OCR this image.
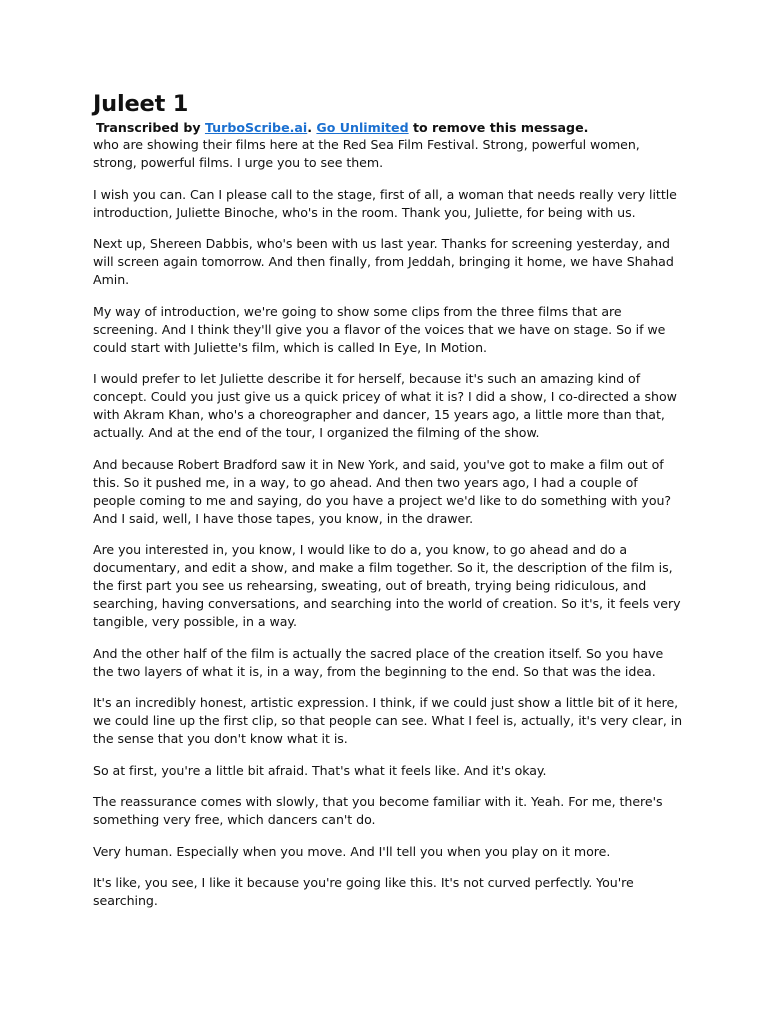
Juleet 1
Transcribed by TurboScribe.ai. Go Unlimited to remove this message.

who are showing their films here at the Red Sea Film Festival. Strong, powerful women, strong, powerful films. I urge you to see them.

I wish you can. Can I please call to the stage, first of all, a woman that needs really very little introduction, Juliette Binoche, who's in the room. Thank you, Juliette, for being with us.

Next up, Shereen Dabbis, who's been with us last year. Thanks for screening yesterday, and will screen again tomorrow. And then finally, from Jeddah, bringing it home, we have Shahad Amin.

My way of introduction, we're going to show some clips from the three films that are screening. And I think they'll give you a flavor of the voices that we have on stage. So if we could start with Juliette's film, which is called In Eye, In Motion.

I would prefer to let Juliette describe it for herself, because it's such an amazing kind of concept. Could you just give us a quick pricey of what it is? I did a show, I co-directed a show with Akram Khan, who's a choreographer and dancer, 15 years ago, a little more than that, actually. And at the end of the tour, I organized the filming of the show.

And because Robert Bradford saw it in New York, and said, you've got to make a film out of this. So it pushed me, in a way, to go ahead. And then two years ago, I had a couple of people coming to me and saying, do you have a project we'd like to do something with you? And I said, well, I have those tapes, you know, in the drawer.

Are you interested in, you know, I would like to do a, you know, to go ahead and do a documentary, and edit a show, and make a film together. So it, the description of the film is, the first part you see us rehearsing, sweating, out of breath, trying being ridiculous, and searching, having conversations, and searching into the world of creation. So it's, it feels very tangible, very possible, in a way.

And the other half of the film is actually the sacred place of the creation itself. So you have the two layers of what it is, in a way, from the beginning to the end. So that was the idea.

It's an incredibly honest, artistic expression. I think, if we could just show a little bit of it here, we could line up the first clip, so that people can see. What I feel is, actually, it's very clear, in the sense that you don't know what it is.

So at first, you're a little bit afraid. That's what it feels like. And it's okay.

The reassurance comes with slowly, that you become familiar with it. Yeah. For me, there's something very free, which dancers can't do.

Very human. Especially when you move. And I'll tell you when you play on it more.

It's like, you see, I like it because you're going like this. It's not curved perfectly. You're searching.
